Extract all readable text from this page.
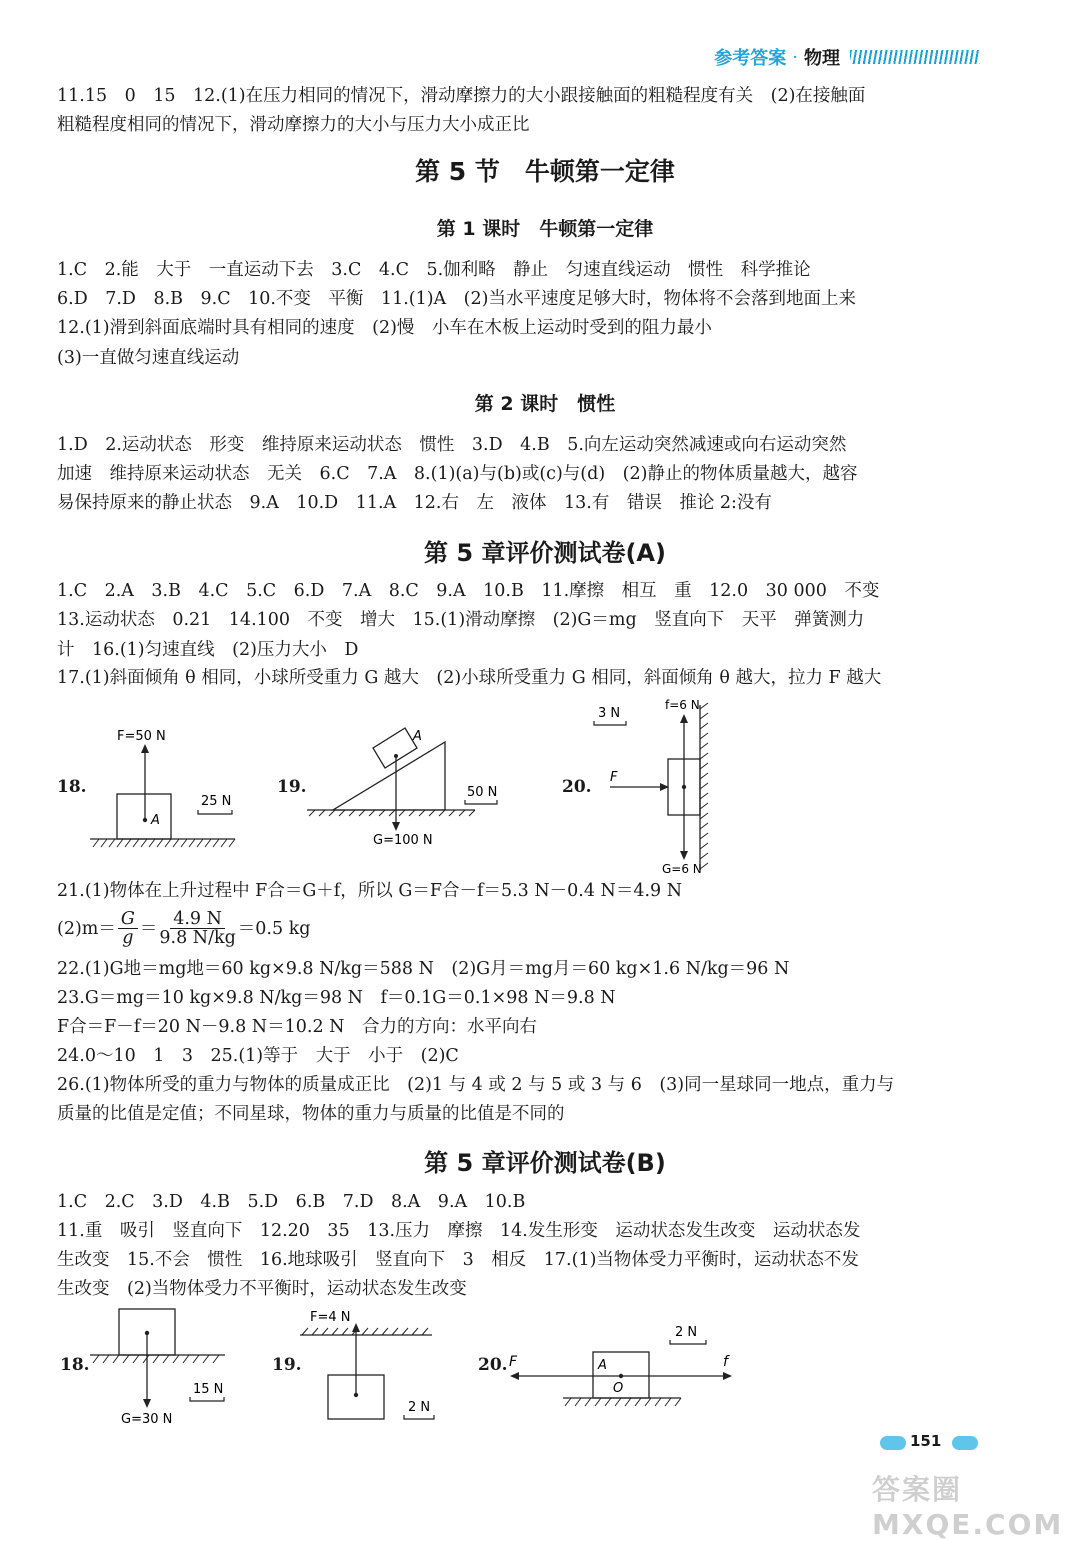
参考答案 · 物理
11.15　0　15　12.(1)在压力相同的情况下，滑动摩擦力的大小跟接触面的粗糙程度有关　(2)在接触面
粗糙程度相同的情况下，滑动摩擦力的大小与压力大小成正比
第 5 节　牛顿第一定律
第 1 课时　牛顿第一定律
1.C　2.能　大于　一直运动下去　3.C　4.C　5.伽利略　静止　匀速直线运动　惯性　科学推论
6.D　7.D　8.B　9.C　10.不变　平衡　11.(1)A　(2)当水平速度足够大时，物体将不会落到地面上来
12.(1)滑到斜面底端时具有相同的速度　(2)慢　小车在木板上运动时受到的阻力最小
(3)一直做匀速直线运动
第 2 课时　惯性
1.D　2.运动状态　形变　维持原来运动状态　惯性　3.D　4.B　5.向左运动突然减速或向右运动突然
加速　维持原来运动状态　无关　6.C　7.A　8.(1)(a)与(b)或(c)与(d)　(2)静止的物体质量越大，越容
易保持原来的静止状态　9.A　10.D　11.A　12.右　左　液体　13.有　错误　推论 2:没有
第 5 章评价测试卷(A)
1.C　2.A　3.B　4.C　5.C　6.D　7.A　8.C　9.A　10.B　11.摩擦　相互　重　12.0　30 000　不变
13.运动状态　0.21　14.100　不变　增大　15.(1)滑动摩擦　(2)G＝mg　竖直向下　天平　弹簧测力
计　16.(1)匀速直线　(2)压力大小　D
17.(1)斜面倾角 θ 相同，小球所受重力 G 越大　(2)小球所受重力 G 相同，斜面倾角 θ 越大，拉力 F 越大
18.
F=50 N
A
25 N
19.
A
G=100 N
50 N	20.
3 N
f=6 N
F
G=6 N
21.(1)物体在上升过程中 F合＝G＋f，所以 G＝F合－f＝5.3 N－0.4 N＝4.9 N
$(2)m= \frac{G}{g} = \frac{4.9 N}{9.8 N/kg} =0.5$ kg
22.(1)G地＝mg地＝60 kg×9.8 N/kg＝588 N　(2)G月＝mg月＝60 kg×1.6 N/kg＝96 N
23.G＝mg＝10 kg×9.8 N/kg＝98 N　f＝0.1G＝0.1×98 N＝9.8 N
F合＝F－f＝20 N－9.8 N＝10.2 N　合力的方向：水平向右
24.0～10　1　3　25.(1)等于　大于　小于　(2)C
26.(1)物体所受的重力与物体的质量成正比　(2)1 与 4 或 2 与 5 或 3 与 6　(3)同一星球同一地点，重力与
质量的比值是定值；不同星球，物体的重力与质量的比值是不同的
第 5 章评价测试卷(B)
1.C　2.C　3.D　4.B　5.D　6.B　7.D　8.A　9.A　10.B
11.重　吸引　竖直向下　12.20　35　13.压力　摩擦　14.发生形变　运动状态发生改变　运动状态发
生改变　15.不会　惯性　16.地球吸引　竖直向下　3　相反　17.(1)当物体受力平衡时，运动状态不发
生改变　(2)当物体受力不平衡时，运动状态发生改变
18.
G=30 N
15 N
19.
F=4 N
2 N
20.
2 N
A
F	f
O
151
答案圈 MXQE.COM
